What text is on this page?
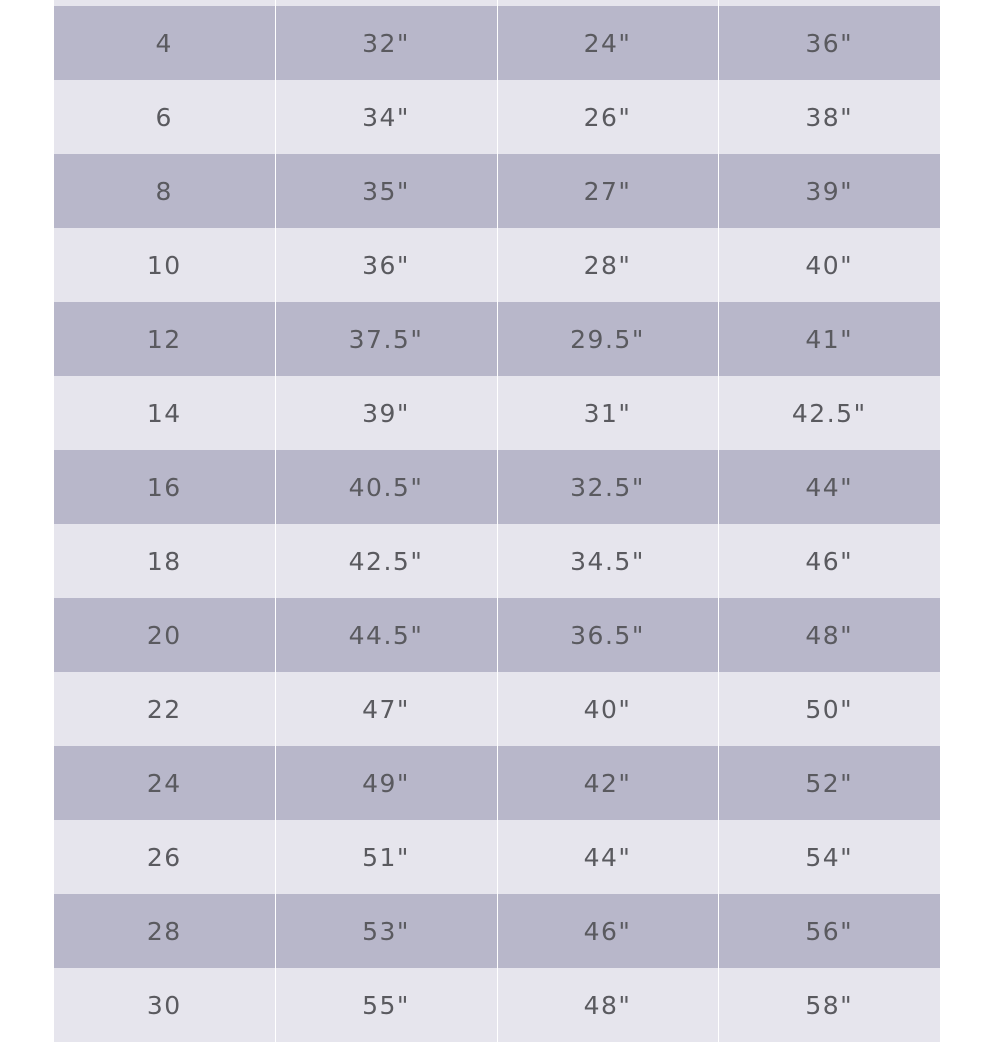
4	32"	24"	36"
6	34"	26"	38"
8	35"	27"	39"
10	36"	28"	40"
12	37.5"	29.5"	41"
14	39"	31"	42.5"
16	40.5"	32.5"	44"
18	42.5"	34.5"	46"
20	44.5"	36.5"	48"
22	47"	40"	50"
24	49"	42"	52"
26	51"	44"	54"
28	53"	46"	56"
30	55"	48"	58"
